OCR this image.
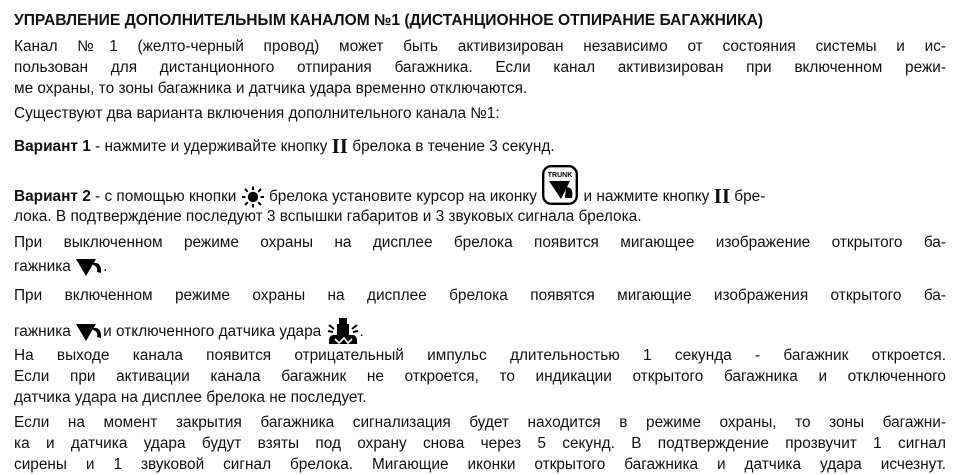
УПРАВЛЕНИЕ ДОПОЛНИТЕЛЬНЫМ КАНАЛОМ №1 (ДИСТАНЦИОННОЕ ОТПИРАНИЕ БАГАЖНИКА)
Канал №1 (желто-черный провод) может быть активизирован независимо от состояния системы и ис-
пользован для дистанционного отпирания багажника. Если канал активизирован при включенном режи-
ме охраны, то зоны багажника и датчика удара временно отключаются.
Существуют два варианта включения дополнительного канала №1:
Вариант 1 - нажмите и удерживайте кнопку II брелока в течение 3 секунд.
Вариант 2 - с помощью кнопки
брелока установите курсор на иконку
TRUNK
и нажмите кнопку II бре-
лока. В подтверждение последуют 3 вспышки габаритов и 3 звуковых сигнала брелока.
При выключенном режиме охраны на дисплее брелока появится мигающее изображение открытого ба-
гажника .
При включенном режиме охраны на дисплее брелока появятся мигающие изображения открытого ба-
гажника и отключенного датчика удара .
На выходе канала появится отрицательный импульс длительностью 1 секунда - багажник откроется.
Если при активации канала багажник не откроется, то индикации открытого багажника и отключенного
датчика удара на дисплее брелока не последует.
Если на момент закрытия багажника сигнализация будет находится в режиме охраны, то зоны багажни-
ка и датчика удара будут взяты под охрану снова через 5 секунд. В подтверждение прозвучит 1 сигнал
сирены и 1 звуковой сигнал брелока. Мигающие иконки открытого багажника и датчика удара исчезнут.
